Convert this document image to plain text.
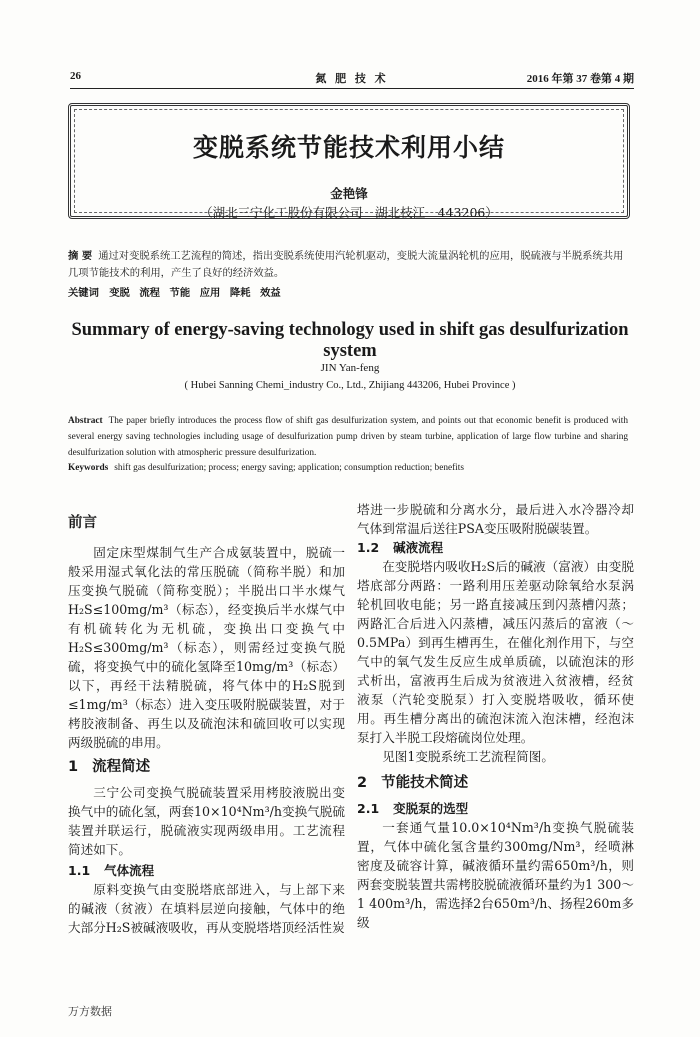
26	氮 肥 技 术	2016 年第 37 卷第 4 期
变脱系统节能技术利用小结
金艳锋
（湖北三宁化工股份有限公司　湖北枝江　443206）
摘 要 通过对变脱系统工艺流程的简述，指出变脱系统使用汽轮机驱动，变脱大流量涡轮机的应用，脱硫液与半脱系统共用几项节能技术的利用，产生了良好的经济效益。
关键词　 变脱 流程 节能 应用 降耗 效益
Summary of energy-saving technology used in shift gas desulfurization system
JIN Yan-feng
( Hubei Sanning Chemi_industry Co., Ltd., Zhijiang 443206, Hubei Province )
Abstract The paper briefly introduces the process flow of shift gas desulfurization system, and points out that economic benefit is produced with several energy saving technologies including usage of desulfurization pump driven by steam turbine, application of large flow turbine and sharing desulfurization solution with atmospheric pressure desulfurization.
Keywords shift gas desulfurization; process; energy saving; application; consumption reduction; benefits
前言

固定床型煤制气生产合成氨装置中，脱硫一般采用湿式氧化法的常压脱硫（简称半脱）和加压变换气脱硫（简称变脱）；半脱出口半水煤气H₂S≤100mg/m³（标态），经变换后半水煤气中有机硫转化为无机硫，变换出口变换气中H₂S≤300mg/m³（标态），则需经过变换气脱硫，将变换气中的硫化氢降至10mg/m³（标态）以下，再经干法精脱硫，将气体中的H₂S脱到≤1mg/m³（标态）进入变压吸附脱碳装置，对于栲胶液制备、再生以及硫泡沫和硫回收可以实现两级脱硫的串用。

1 流程简述

三宁公司变换气脱硫装置采用栲胶液脱出变换气中的硫化氢，两套10×10⁴Nm³/h变换气脱硫装置并联运行，脱硫液实现两级串用。工艺流程简述如下。

1.1 气体流程

原料变换气由变脱塔底部进入，与上部下来的碱液（贫液）在填料层逆向接触，气体中的绝大部分H₂S被碱液吸收，再从变脱塔塔顶经活性炭

塔进一步脱硫和分离水分，最后进入水冷器冷却气体到常温后送往PSA变压吸附脱碳装置。

1.2 碱液流程

在变脱塔内吸收H₂S后的碱液（富液）由变脱塔底部分两路：一路利用压差驱动除氧给水泵涡轮机回收电能；另一路直接减压到闪蒸槽闪蒸；两路汇合后进入闪蒸槽，减压闪蒸后的富液（～0.5MPa）到再生槽再生，在催化剂作用下，与空气中的氧气发生反应生成单质硫，以硫泡沫的形式析出，富液再生后成为贫液进入贫液槽，经贫液泵（汽轮变脱泵）打入变脱塔吸收，循环使用。再生槽分离出的硫泡沫流入泡沫槽，经泡沫泵打入半脱工段熔硫岗位处理。

见图1变脱系统工艺流程简图。

2 节能技术简述
2.1 变脱泵的选型

一套通气量10.0×10⁴Nm³/h变换气脱硫装置，气体中硫化氢含量约300mg/Nm³，经喷淋密度及硫容计算，碱液循环量约需650m³/h，则两套变脱装置共需栲胶脱硫液循环量约为1 300～1 400m³/h，需选择2台650m³/h、扬程260m多级

万方数据
